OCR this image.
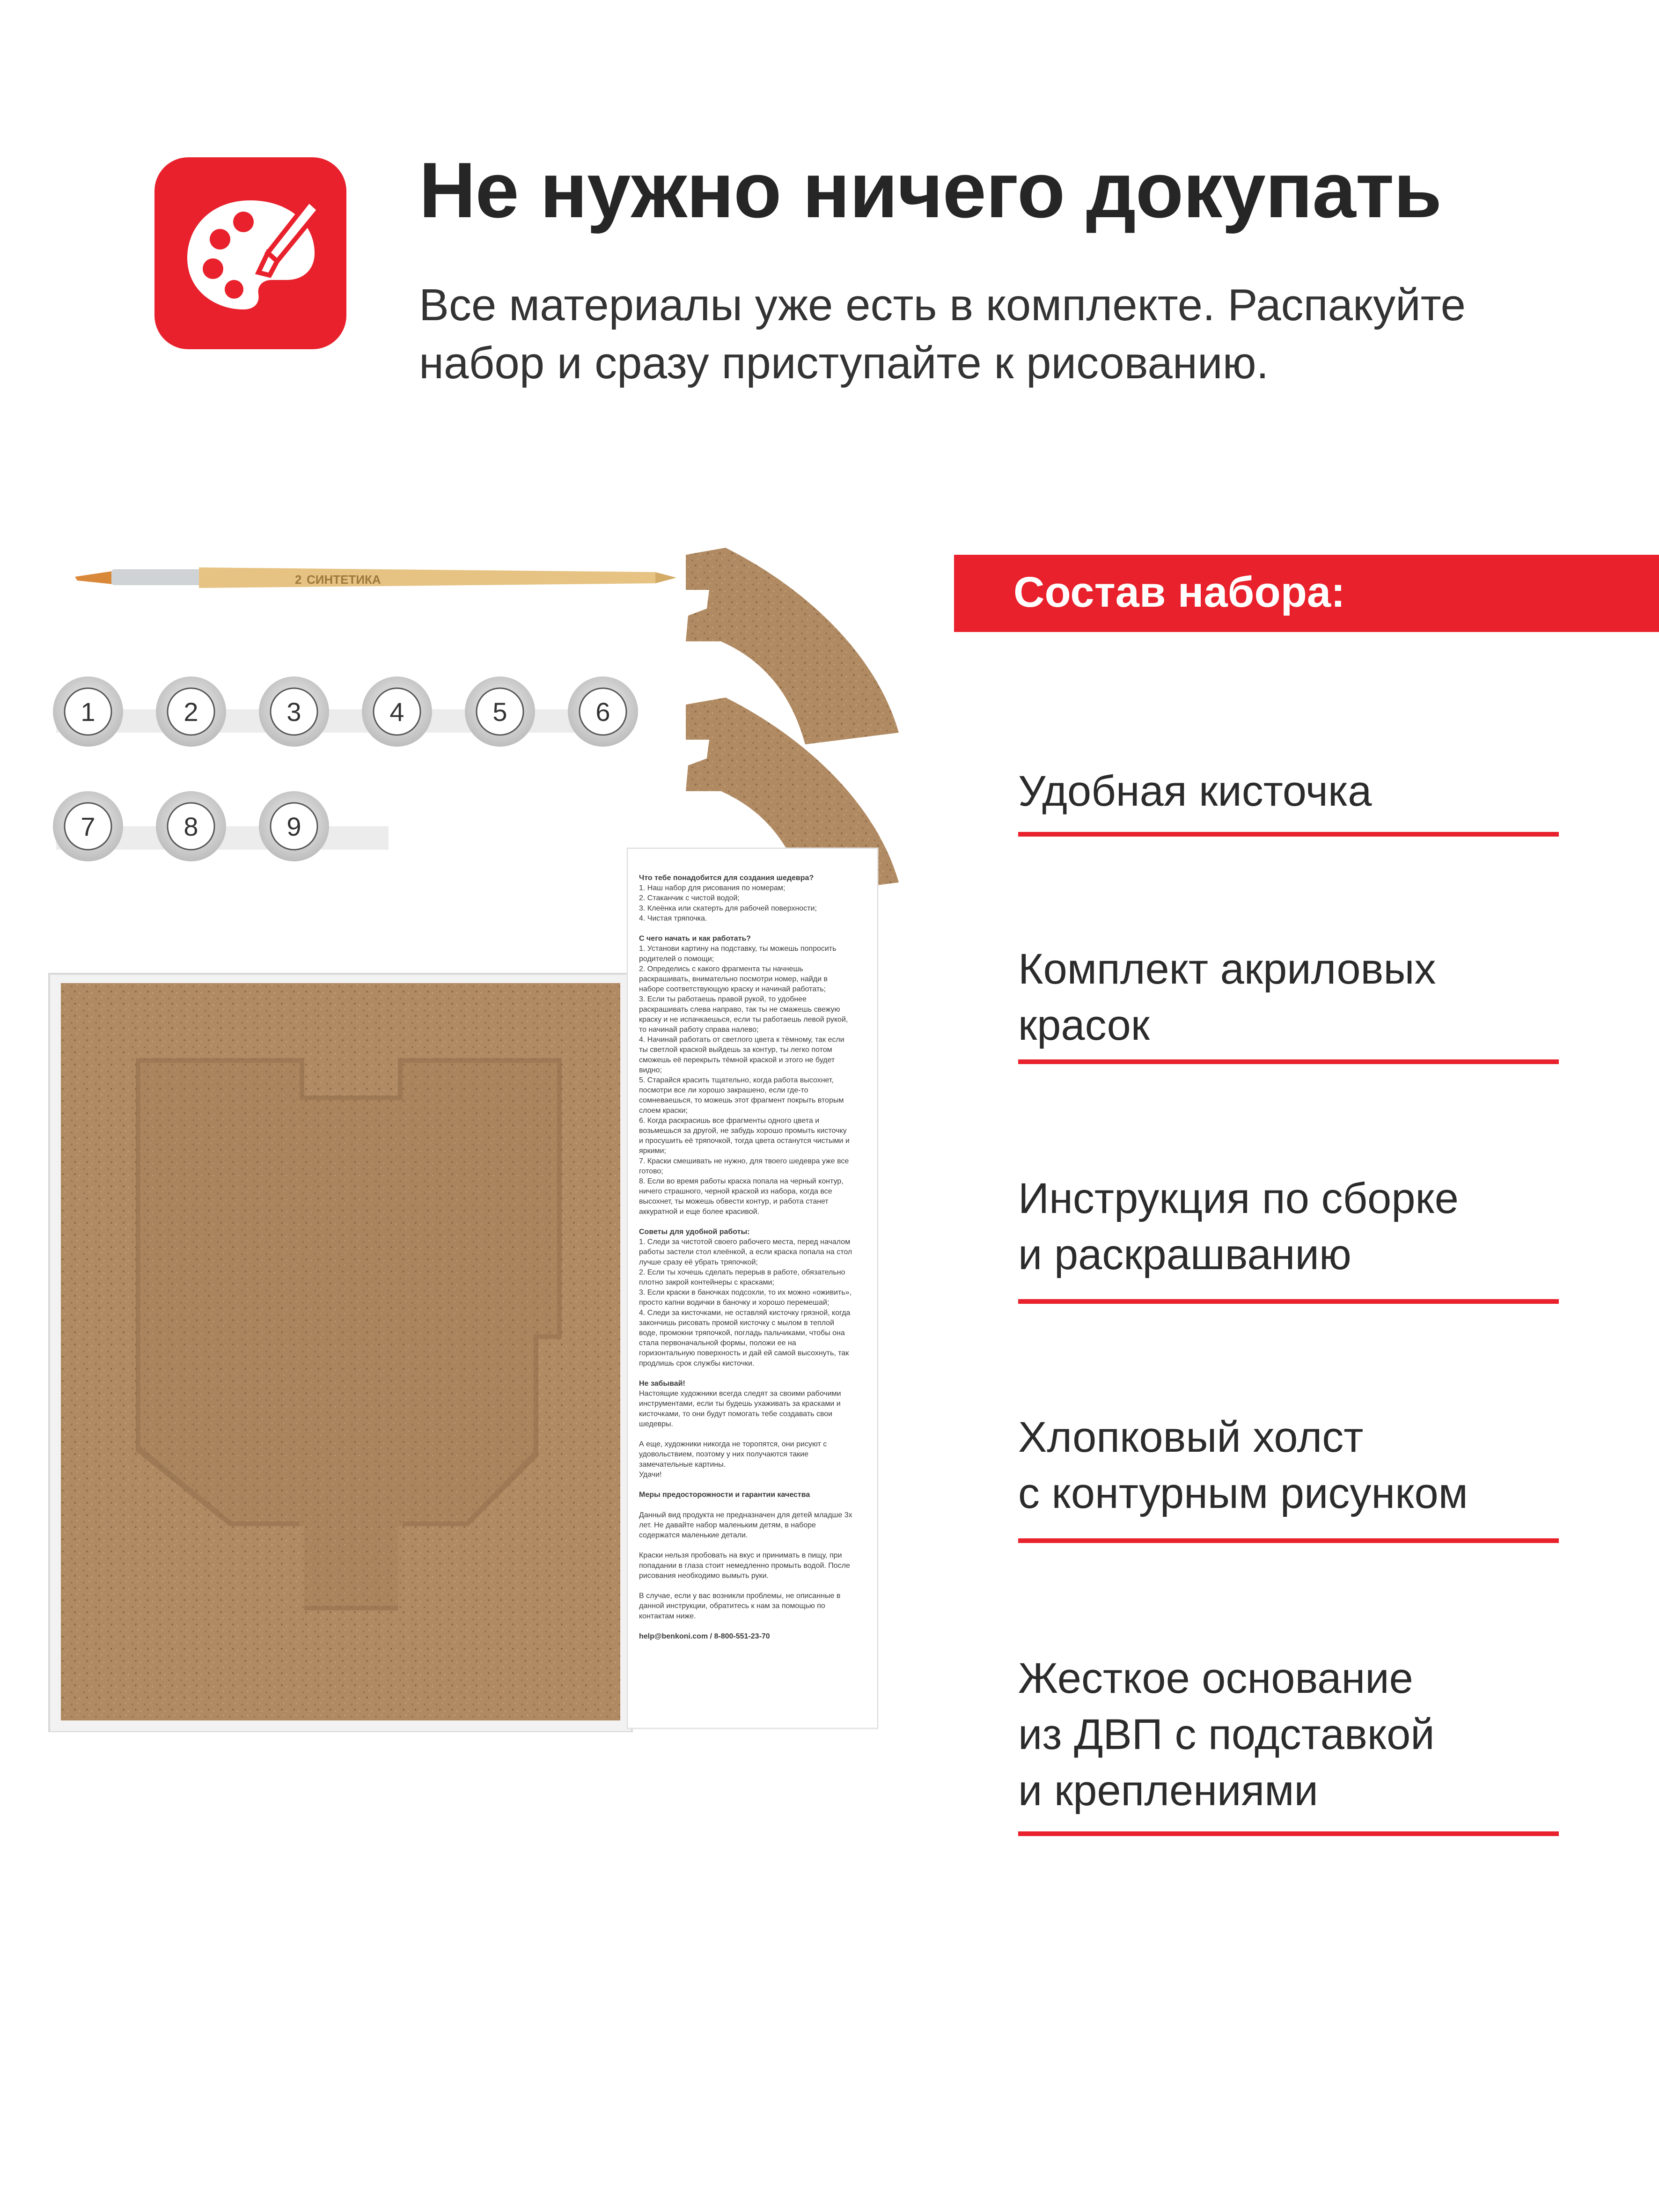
Не нужно ничего докупать

Все материалы уже есть в комплекте. Распакуйте
набор и сразу приступайте к рисованию.

СИНТЕТИКА
2
1	2	3	4	5	6
7	8	9
Что тебе понадобится для создания шедевра? 1. Наш набор для рисования по номерам; 2. Стаканчик с чистой водой; 3. Клеёнка или скатерть для рабочей поверхности; 4. Чистая тряпочка. С чего начать и как работать? 1. Установи картину на подставку, ты можешь попросить родителей о помощи; 2. Определись с какого фрагмента ты начнешь раскрашивать, внимательно посмотри номер, найди в наборе соответствующую краску и начинай работать; 3. Если ты работаешь правой рукой, то удобнее раскрашивать слева направо, так ты не смажешь свежую краску и не испачкаешься, если ты работаешь левой рукой, то начинай работу справа налево; 4. Начинай работать от светлого цвета к тёмному, так если ты светлой краской выйдешь за контур, ты легко потом сможешь её перекрыть тёмной краской и этого не будет видно; 5. Старайся красить тщательно, когда работа высохнет, посмотри все ли хорошо закрашено, если где-то сомневаешься, то можешь этот фрагмент покрыть вторым слоем краски; 6. Когда раскрасишь все фрагменты одного цвета и возьмешься за другой, не забудь хорошо промыть кисточку и просушить её тряпочкой, тогда цвета останутся чистыми и яркими; 7. Краски смешивать не нужно, для твоего шедевра уже все готово; 8. Если во время работы краска попала на черный контур, ничего страшного, черной краской из набора, когда все высохнет, ты можешь обвести контур, и работа станет аккуратной и еще более красивой. Советы для удобной работы: 1. Следи за чистотой своего рабочего места, перед началом работы застели стол клеёнкой, а если краска попала на стол лучше сразу её убрать тряпочкой; 2. Если ты хочешь сделать перерыв в работе, обязательно плотно закрой контейнеры с красками; 3. Если краски в баночках подсохли, то их можно «оживить», просто капни водички в баночку и хорошо перемешай; 4. Следи за кисточками, не оставляй кисточку грязной, когда закончишь рисовать промой кисточку с мылом в теплой воде, промокни тряпочкой, погладь пальчиками, чтобы она стала первоначальной формы, положи ее на горизонтальную поверхность и дай ей самой высохнуть, так продлишь срок службы кисточки. Не забывай! Настоящие художники всегда следят за своими рабочими инструментами, если ты будешь ухаживать за красками и кисточками, то они будут помогать тебе создавать свои шедевры. А еще, художники никогда не торопятся, они рисуют с удовольствием, поэтому у них получаются такие замечательные картины. Удачи! Меры предосторожности и гарантии качества Данный вид продукта не предназначен для детей младше 3х лет. Не давайте набор маленьким детям, в наборе содержатся маленькие детали. Краски нельзя пробовать на вкус и принимать в пищу, при попадании в глаза стоит немедленно промыть водой. После рисования необходимо вымыть руки. В случае, если у вас возникли проблемы, не описанные в данной инструкции, обратитесь к нам за помощью по контактам ниже. help@benkoni.com / 8-800-551-23-70
Состав набора:
Удобная кисточка
Комплект акриловых
красок
Инструкция по сборке
и раскрашванию
Хлопковый холст
с контурным рисунком
Жесткое основание
из ДВП с подставкой
и креплениями
